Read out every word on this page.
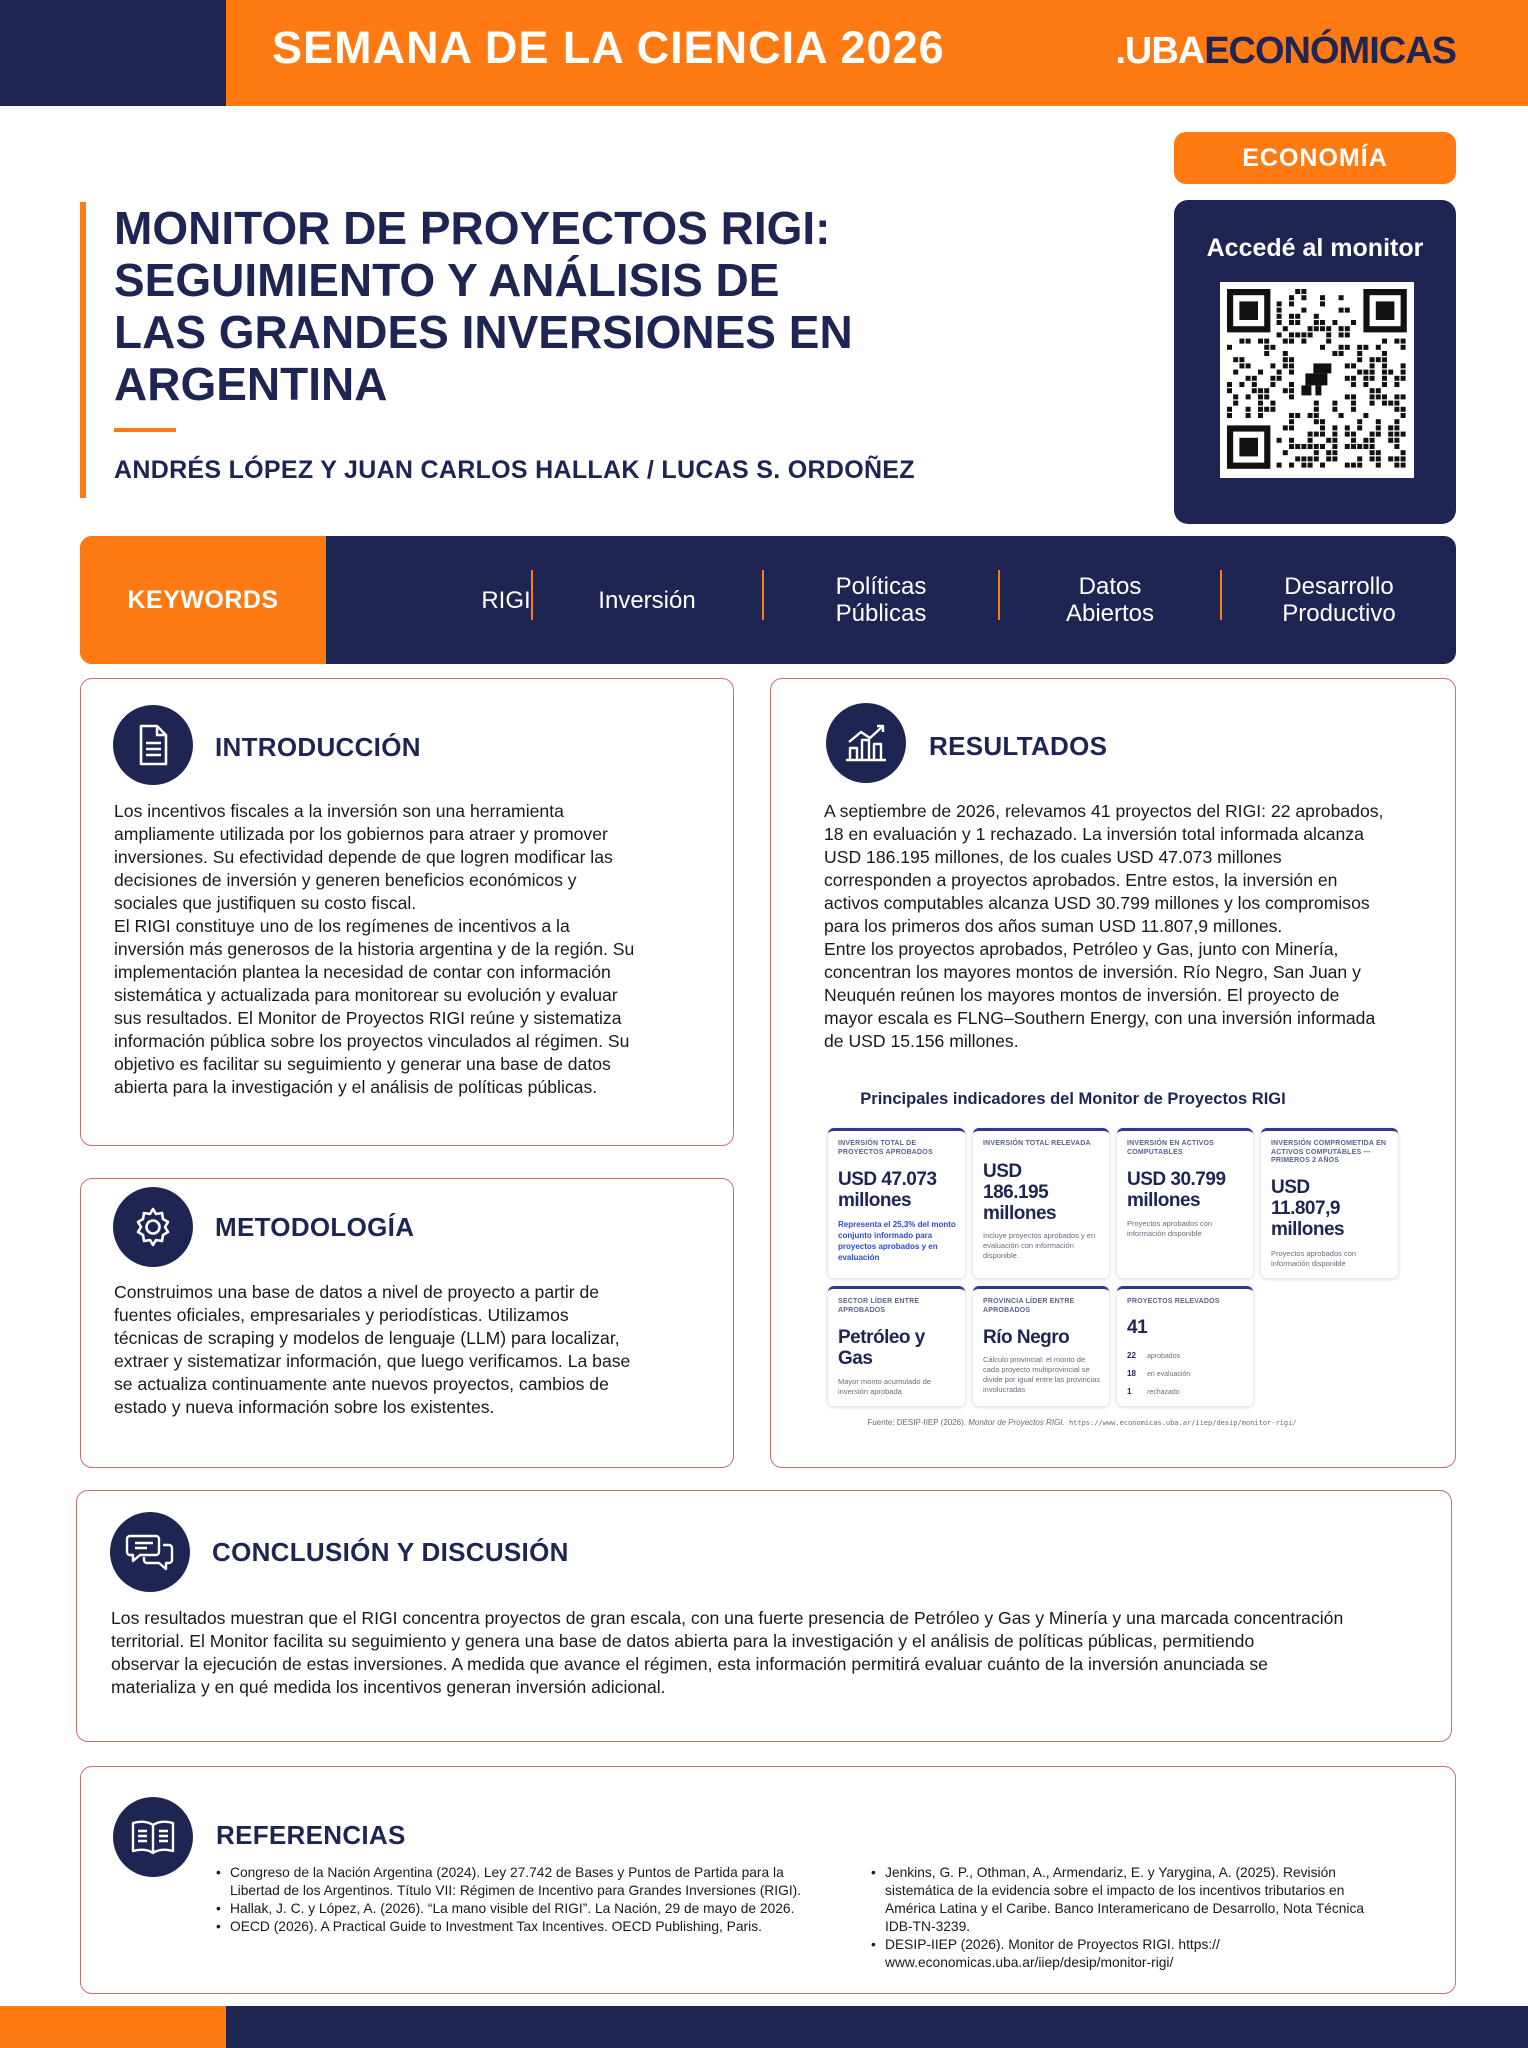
SEMANA DE LA CIENCIA 2026	.UBAECONÓMICAS
ECONOMÍA
Accedé al monitor
MONITOR DE PROYECTOS RIGI:
SEGUIMIENTO Y ANÁLISIS DE
LAS GRANDES INVERSIONES EN
ARGENTINA
ANDRÉS LÓPEZ Y JUAN CARLOS HALLAK / LUCAS S. ORDOÑEZ
KEYWORDS	RIGI	Inversión	Políticas
Públicas
Datos
Abiertos
Desarrollo
Productivo
INTRODUCCIÓN
Los incentivos fiscales a la inversión son una herramienta
ampliamente utilizada por los gobiernos para atraer y promover
inversiones. Su efectividad depende de que logren modificar las
decisiones de inversión y generen beneficios económicos y
sociales que justifiquen su costo fiscal.
El RIGI constituye uno de los regímenes de incentivos a la
inversión más generosos de la historia argentina y de la región. Su
implementación plantea la necesidad de contar con información
sistemática y actualizada para monitorear su evolución y evaluar
sus resultados. El Monitor de Proyectos RIGI reúne y sistematiza
información pública sobre los proyectos vinculados al régimen. Su
objetivo es facilitar su seguimiento y generar una base de datos
abierta para la investigación y el análisis de políticas públicas.
METODOLOGÍA
Construimos una base de datos a nivel de proyecto a partir de
fuentes oficiales, empresariales y periodísticas. Utilizamos
técnicas de scraping y modelos de lenguaje (LLM) para localizar,
extraer y sistematizar información, que luego verificamos. La base
se actualiza continuamente ante nuevos proyectos, cambios de
estado y nueva información sobre los existentes.
RESULTADOS
A septiembre de 2026, relevamos 41 proyectos del RIGI: 22 aprobados,
18 en evaluación y 1 rechazado. La inversión total informada alcanza
USD 186.195 millones, de los cuales USD 47.073 millones
corresponden a proyectos aprobados. Entre estos, la inversión en
activos computables alcanza USD 30.799 millones y los compromisos
para los primeros dos años suman USD 11.807,9 millones.
Entre los proyectos aprobados, Petróleo y Gas, junto con Minería,
concentran los mayores montos de inversión. Río Negro, San Juan y
Neuquén reúnen los mayores montos de inversión. El proyecto de
mayor escala es FLNG–Southern Energy, con una inversión informada
de USD 15.156 millones.
Principales indicadores del Monitor de Proyectos RIGI
INVERSIÓN TOTAL DE PROYECTOS APROBADOS
USD 47.073 millones
Representa el 25,3% del monto conjunto informado para proyectos aprobados y en evaluación
INVERSIÓN TOTAL RELEVADA
USD 186.195 millones
Incluye proyectos aprobados y en evaluación con información disponible.
INVERSIÓN EN ACTIVOS COMPUTABLES
USD 30.799 millones
Proyectos aprobados con información disponible
INVERSIÓN COMPROMETIDA EN ACTIVOS COMPUTABLES — PRIMEROS 2 AÑOS
USD 11.807,9 millones
Proyectos aprobados con información disponible
SECTOR LÍDER ENTRE APROBADOS
Petróleo y Gas
Mayor monto acumulado de inversión aprobada
PROVINCIA LÍDER ENTRE APROBADOS
Río Negro
Cálculo provincial: el monto de cada proyecto multiprovincial se divide por igual entre las provincias involucradas
PROYECTOS RELEVADOS
41
22 aprobados
18 en evaluación
1 rechazado
Fuente: DESIP-IIEP (2026). Monitor de Proyectos RIGI. https://www.economicas.uba.ar/iiep/desip/monitor-rigi/
CONCLUSIÓN Y DISCUSIÓN
Los resultados muestran que el RIGI concentra proyectos de gran escala, con una fuerte presencia de Petróleo y Gas y Minería y una marcada concentración
territorial. El Monitor facilita su seguimiento y genera una base de datos abierta para la investigación y el análisis de políticas públicas, permitiendo
observar la ejecución de estas inversiones. A medida que avance el régimen, esta información permitirá evaluar cuánto de la inversión anunciada se
materializa y en qué medida los incentivos generan inversión adicional.
REFERENCIAS
• Congreso de la Nación Argentina (2024). Ley 27.742 de Bases y Puntos de Partida para la
Libertad de los Argentinos. Título VII: Régimen de Incentivo para Grandes Inversiones (RIGI).
• Hallak, J. C. y López, A. (2026). “La mano visible del RIGI”. La Nación, 29 de mayo de 2026.
• OECD (2026). A Practical Guide to Investment Tax Incentives. OECD Publishing, Paris.
• Jenkins, G. P., Othman, A., Armendariz, E. y Yarygina, A. (2025). Revisión
sistemática de la evidencia sobre el impacto de los incentivos tributarios en
América Latina y el Caribe. Banco Interamericano de Desarrollo, Nota Técnica
IDB-TN-3239.
• DESIP-IIEP (2026). Monitor de Proyectos RIGI. https://
www.economicas.uba.ar/iiep/desip/monitor-rigi/
